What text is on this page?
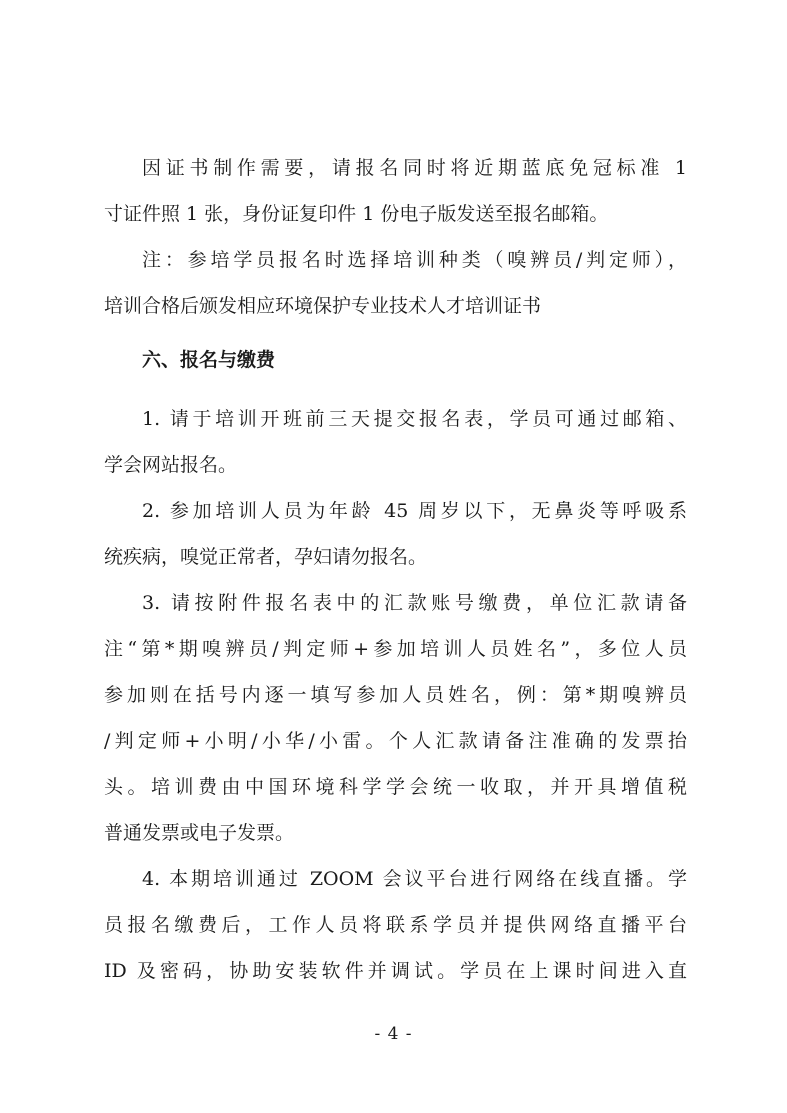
因证书制作需要，请报名同时将近期蓝底免冠标准 1
寸证件照 1 张，身份证复印件 1 份电子版发送至报名邮箱。
注：参培学员报名时选择培训种类（嗅辨员/判定师），
培训合格后颁发相应环境保护专业技术人才培训证书
六、报名与缴费
1. 请于培训开班前三天提交报名表，学员可通过邮箱、
学会网站报名。
2. 参加培训人员为年龄 45 周岁以下，无鼻炎等呼吸系
统疾病，嗅觉正常者，孕妇请勿报名。
3. 请按附件报名表中的汇款账号缴费，单位汇款请备
注“第*期嗅辨员/判定师+参加培训人员姓名”，多位人员
参加则在括号内逐一填写参加人员姓名，例：第*期嗅辨员
/判定师+小明/小华/小雷。个人汇款请备注准确的发票抬
头。培训费由中国环境科学学会统一收取，并开具增值税
普通发票或电子发票。
4. 本期培训通过 ZOOM 会议平台进行网络在线直播。学
员报名缴费后，工作人员将联系学员并提供网络直播平台
ID 及密码，协助安装软件并调试。学员在上课时间进入直
- 4 -
